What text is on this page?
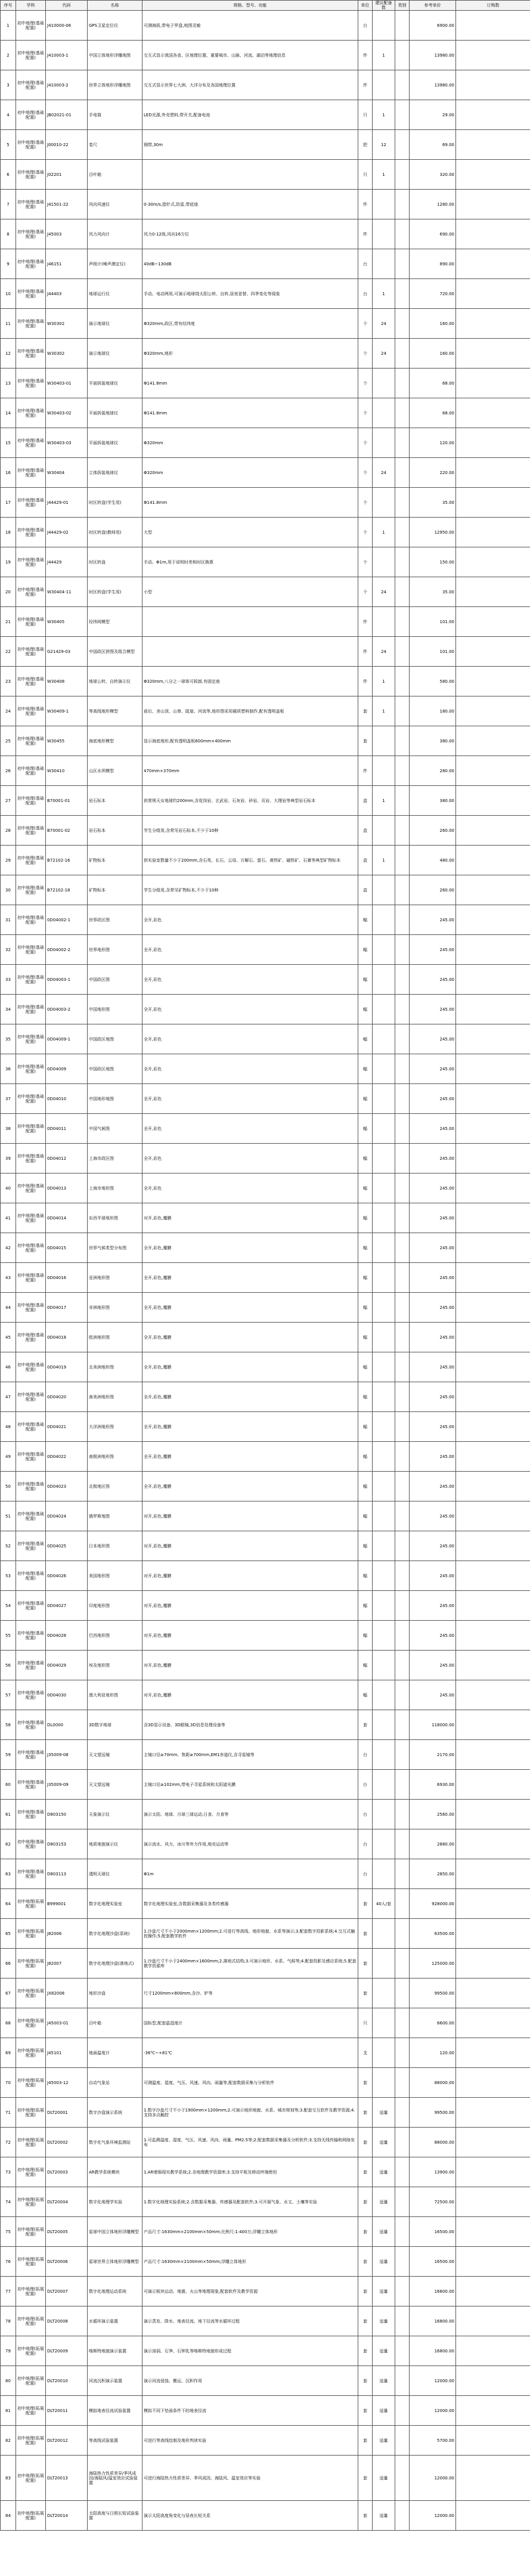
序号	学科	代码	名称	规格、型号、功能	单位	建议配备数	类别	参考单价	订购数
1	初中地理(基础配置)	J410000-06	GPS卫星定位仪	可测海拔,带电子罗盘,地图灵敏	台			6900.00	
2	初中地理(基础配置)	J410003-1	中国立体地形浮雕地图	交互式显示我国各省、区地理位置、重要城市、山脉、河流、湖泊等地理信息	件	1		13980.00	
3	初中地理(基础配置)	J410003-2	世界立体地形浮雕地图	交互式显示世界七大洲、大洋分布及各国地理位置	件			13980.00	
4	初中地理(基础配置)	JB02021-01	手电筒	LED光源,外壳塑料,带开关,配备电池	只	1		29.00	
5	初中地理(基础配置)	J00010-22	卷尺	钢带,30m	把	12		69.00	
6	初中地理(基础配置)	J02201	百叶箱		只	1		320.00	
7	初中地理(基础配置)	J41501-22	风向风速仪	0-30m/s,指针式,防雷,带底座	件			1280.00	
8	初中地理(基础配置)	J45003	风力风向计	风力0-12级,风向16方位	件			690.00	
9	初中地理(基础配置)	J46151	声级计(噪声测定仪)	40dB~130dB	台			890.00	
10	初中地理(基础配置)	J44403	地球运行仪	手动、电动两用,可演示地球绕太阳公转、自转,昼夜更替、四季变化等现象	台	1		720.00	
11	初中地理(基础配置)	W30302	演示地球仪	Φ320mm,政区,带有经纬度	个	24		160.00	
12	初中地理(基础配置)	W30302	演示地球仪	Φ320mm,地形	个	24		160.00	
13	初中地理(基础配置)	W30403-01	平面拆装地球仪	Φ141.8mm	个			68.00	
14	初中地理(基础配置)	W30403-02	平面拆装地球仪	Φ141.8mm	个			68.00	
15	初中地理(基础配置)	W30403-03	平面拆装地球仪	Φ320mm	个			120.00	
16	初中地理(基础配置)	W30404	立体拆装地球仪	Φ320mm	个	24		220.00	
17	初中地理(基础配置)	J44429-01	时区转盘(学生用)	Φ141.8mm	个			35.00	
18	初中地理(基础配置)	J44429-02	时区转盘(教师用)	大型	个	1		12950.00	
19	初中地理(基础配置)	J44429	时区转盘	手动、Φ1m,用于说明时差和时区换算	个			150.00	
20	初中地理(基础配置)	W30404-11	时区转盘(学生用)	小型	个	24		35.00	
21	初中地理(基础配置)	W30405	经纬网模型		件			101.00	
22	初中地理(基础配置)	G21429-03	中国政区拼图及组合模型		件	24		101.00	
23	初中地理(基础配置)	W30408	地球公转、自转演示仪	Φ320mm,八分之一球体可拆卸,有固定座	件	1		580.00	
24	初中地理(基础配置)	W30409-1	等高线地形模型	前后、舍山顶、山脊、陡崖、河流等,地形图采用硬质塑料制作,配有透明盖板	套	1		180.00	
25	初中地理(基础配置)	W30455	海底地形模型	显示海底地形,配有透明盖板600mm×400mm	套			380.00	
26	初中地理(基础配置)	W30410	山区水坝模型	470mm×370mm	件			280.00	
27	初中地理(基础配置)	B70001-01	岩石标本	供常规天女地球约200mm,含花岗岩、玄武岩、石灰岩、砂岩、页岩、大理岩等典型岩石标本	盒	1		380.00	
28	初中地理(基础配置)	B70001-02	岩石标本	学生分组用,含常见岩石标本,不少于10种	盒			260.00	
29	初中地理(基础配置)	B72102-16	矿物标本	供实验室数量不少于200mm,含石英、长石、云母、方解石、萤石、黄铁矿、磁铁矿、石膏等典型矿物标本	盒	1		480.00	
30	初中地理(基础配置)	B72102-18	矿物标本	学生分组用,含常见矿物标本,不少于10种	盒			260.00	
31	初中地理(基础配置)	0D04002-1	世界政区图	全开,彩色	幅			245.00	
32	初中地理(基础配置)	0D04002-2	世界地形图	全开,彩色	幅			245.00	
33	初中地理(基础配置)	0D04003-1	中国政区图	全开,彩色	幅			245.00	
34	初中地理(基础配置)	0D04003-2	中国地形图	全开,彩色	幅			245.00	
35	初中地理(基础配置)	0D04009-1	中国政区地图	全开,彩色	幅			245.00	
36	初中地理(基础配置)	0D04009	中国政区地图	全开,彩色	幅			245.00	
37	初中地理(基础配置)	0D04010	中国地形地图	全开,彩色	幅			245.00	
38	初中地理(基础配置)	0D04011	中国气候图	全开,彩色	幅			245.00	
39	初中地理(基础配置)	0D04012	上海市政区图	全开,彩色	幅			245.00	
40	初中地理(基础配置)	0D04013	上海市地形图	全开,彩色	幅			245.00	
41	初中地理(基础配置)	0D04014	东西半球地形图	对开,彩色,覆膜	幅			245.00	
42	初中地理(基础配置)	0D04015	世界气候类型分布图	全开,彩色,覆膜	幅			245.00	
43	初中地理(基础配置)	0D04016	亚洲地形图	全开,彩色,覆膜	幅			245.00	
44	初中地理(基础配置)	0D04017	非洲地形图	全开,彩色,覆膜	幅			245.00	
45	初中地理(基础配置)	0D04018	欧洲地形图	全开,彩色,覆膜	幅			245.00	
46	初中地理(基础配置)	0D04019	北美洲地形图	全开,彩色,覆膜	幅			245.00	
47	初中地理(基础配置)	0D04020	南美洲地形图	全开,彩色,覆膜	幅			245.00	
48	初中地理(基础配置)	0D04021	大洋洲地形图	全开,彩色,覆膜	幅			245.00	
49	初中地理(基础配置)	0D04022	南极洲地形图	全开,彩色,覆膜	幅			245.00	
50	初中地理(基础配置)	0D04023	北极地区图	全开,彩色,覆膜	幅			245.00	
51	初中地理(基础配置)	0D04024	俄罗斯地图	对开,彩色,覆膜	幅			245.00	
52	初中地理(基础配置)	0D04025	日本地形图	对开,彩色,覆膜	幅			245.00	
53	初中地理(基础配置)	0D04026	美国地形图	对开,彩色,覆膜	幅			245.00	
54	初中地理(基础配置)	0D04027	印度地形图	对开,彩色,覆膜	幅			245.00	
55	初中地理(基础配置)	0D04028	巴西地形图	对开,彩色,覆膜	幅			245.00	
56	初中地理(基础配置)	0D04029	埃及地形图	对开,彩色,覆膜	幅			245.00	
57	初中地理(基础配置)	0D04030	澳大利亚地形图	对开,彩色,覆膜	幅			245.00	
58	初中地理(基础配置)	DL0000	3D数字地球	含3D显示设备、3D眼镜,3D信息处理设备等	套			118000.00	
59	初中地理(基础配置)	J35009-08	天文望远镜	主镜口径≥70mm、焦距≥700mm,EM1赤道仪,含寻星镜等	台			2170.00	
60	初中地理(基础配置)	J35009-09	天文望远镜	主镜口径≥102mm,带电子寻星系统和太阳滤光膜	台			6930.00	
61	初中地理(基础配置)	D803150	天象演示仪	演示太阳、地球、月球三球运动,日食、月食等	台			2560.00	
62	初中地理(基础配置)	D803153	地质地貌演示仪	演示流水、风力、冰川等外力作用,地壳运动等	台			2880.00	
63	初中地理(基础配置)	D803113	透明天球仪	Φ1m	台			2850.00	
64	初中地理(拓展配置)	B999001	数字化地理实验室	数字化地理实验室,含数据采集器及各类传感器	套	40人/套		928000.00	
65	初中地理(拓展配置)	J82006	数字化地理沙盘(系统)	1.沙盘尺寸不小于2000mm×1200mm;2.可进行等高线、地形地貌、水系等演示;3.配套数字投影系统;4.交互式触控操作;5.配套教学软件	套			63500.00	
66	初中地理(拓展配置)	J82007	数字化地理沙盘(落地式)	1.沙盘尺寸不小于2400mm×1600mm;2.落地式结构;3.可演示地形、水系、气候等;4.配套投影及感应系统;5.配套教学资源库	套			125000.00	
67	初中地理(拓展配置)	JX82008	地形沙盘	尺寸1200mm×800mm,含沙、铲等	套			99500.00	
68	初中地理(拓展配置)	J45003-01	百叶箱	国标型,配套温湿度计	只			6600.00	
69	初中地理(拓展配置)	J45101	地面温度计	-36℃~+81℃	支			120.00	
70	初中地理(拓展配置)	J45003-12	自动气象站	可测温度、湿度、气压、风速、风向、雨量等,配套数据采集与分析软件	套			88000.00	
71	初中地理(拓展配置)	DLT20001	数字沙盘演示系统	1.数字沙盘尺寸不小于1900mm×1200mm;2.可演示地形地貌、水系、城市规划等;3.配套交互软件及教学资源;4.支持多点触控	套	适量		99500.00	
72	初中地理(拓展配置)	DLT20002	数字化气象环境监测站	1.可监测温度、湿度、气压、风速、风向、雨量、PM2.5等;2.配套数据采集器及分析软件;3.支持无线传输和网络发布	套	适量		88000.00	
73	初中地理(拓展配置)	DLT20003	AR教学系统模块	1.AR增强现实教学系统;2.含地理教学资源库;3.支持平板及移动终端使用	套	适量		13900.00	
74	初中地理(拓展配置)	DLT20004	数字化地理学实验	1.数字化地理实验系统;2.含数据采集器、传感器及配套软件;3.可开展气象、水文、土壤等实验	套	适量		72500.00	
75	初中地理(拓展配置)	DLT20005	星球中国立体地形浮雕模型	产品尺寸:1630mm×2100mm×50mm;比例尺:1:400万;浮雕立体地形	套	适量		16500.00	
76	初中地理(拓展配置)	DLT20006	星球世界立体地形浮雕模型	产品尺寸:1630mm×2100mm×50mm;浮雕立体地形	套	适量		16500.00	
77	初中地理(拓展配置)	DLT20007	数字化地理运动系统	可演示板块运动、地震、火山等地理现象,配套软件及教学资源	套	适量		16800.00	
78	初中地理(拓展配置)	DLT20008	水循环演示装置	演示蒸发、降水、地表径流、地下径流等水循环过程	套	适量		16800.00	
79	初中地理(拓展配置)	DLT20009	喀斯特地貌演示装置	演示溶洞、石笋、石钟乳等喀斯特地貌形成过程	套	适量		16800.00	
80	初中地理(拓展配置)	DLT20010	河流沉积演示装置	演示河流侵蚀、搬运、沉积作用	套	适量		12000.00	
81	初中地理(拓展配置)	DLT20011	模拟地表径流试验装置	模拟不同下垫面条件下的地表径流	套	适量		12000.00	
82	初中地理(拓展配置)	DLT20012	等高线试验装置	可进行等高线绘制及地形判读实验	套	适量		5700.00	
83	初中地理(拓展配置)	DLT20013	海陆热力性质差异/季风成因/海陆风/温室效应试验装置	可进行海陆热力性质差异、季风成因、海陆风、温室效应等实验	套	适量		12000.00	
84	初中地理(拓展配置)	DLT20014	太阳高度与日照长短试验装置	演示太阳高度角变化与昼夜长短关系	套	适量		12000.00	
